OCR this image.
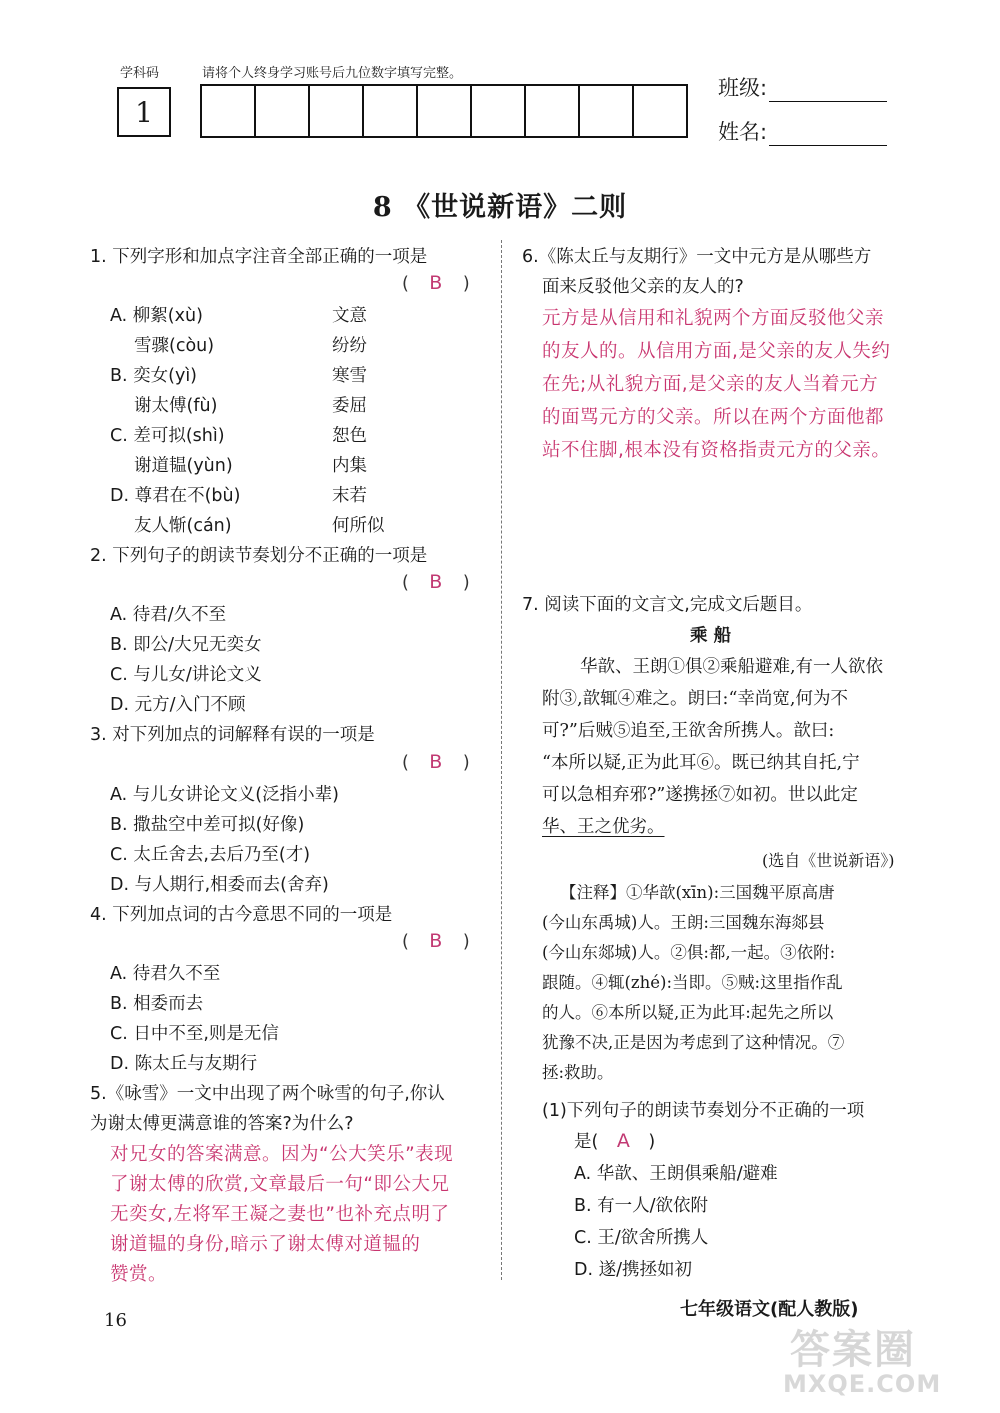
学科码	请将个人终身学习账号后九位数字填写完整。
1
班级:
姓名:
8 《世说新语》二则
1. 下列字形和加点字注音全部正确的一项是
( B )
A. 柳絮(xù)	文意
雪骤(còu)	纷纷
B. 奕女(yì)	寒雪
谢太傅(fù)	委屈
C. 差可拟(shì)	恕色
谢道韫(yùn)	内集
D. 尊君在不(bù)	末若
友人惭(cán)	何所似
2. 下列句子的朗读节奏划分不正确的一项是
( B )
A. 待君/久不至
B. 即公/大兄无奕女
C. 与儿女/讲论文义
D. 元方/入门不顾
3. 对下列加点的词解释有误的一项是
( B )
A. 与儿女讲论文义(泛指小辈)
B. 撒盐空中差可拟(好像)
C. 太丘舍去,去后乃至(才)
D. 与人期行,相委而去(舍弃)
4. 下列加点词的古今意思不同的一项是
( B )
A. 待君久不至
B. 相委而去
C. 日中不至,则是无信
D. 陈太丘与友期行
5.《咏雪》一文中出现了两个咏雪的句子,你认
为谢太傅更满意谁的答案?为什么?
对兄女的答案满意。因为“公大笑乐”表现
了谢太傅的欣赏,文章最后一句“即公大兄
无奕女,左将军王凝之妻也”也补充点明了
谢道韫的身份,暗示了谢太傅对道韫的
赞赏。
6.《陈太丘与友期行》一文中元方是从哪些方
面来反驳他父亲的友人的?
元方是从信用和礼貌两个方面反驳他父亲
的友人的。从信用方面,是父亲的友人失约
在先;从礼貌方面,是父亲的友人当着元方
的面骂元方的父亲。所以在两个方面他都
站不住脚,根本没有资格指责元方的父亲。
7. 阅读下面的文言文,完成文后题目。
乘 船
华歆、王朗①俱②乘船避难,有一人欲依
附③,歆辄④难之。朗曰:“幸尚宽,何为不
可?”后贼⑤追至,王欲舍所携人。歆曰:
“本所以疑,正为此耳⑥。既已纳其自托,宁
可以急相弃邪?”遂携拯⑦如初。世以此定
华、王之优劣。
(选自《世说新语》)
【注释】①华歆(xīn):三国魏平原高唐
(今山东禹城)人。王朗:三国魏东海郯县
(今山东郯城)人。②俱:都,一起。③依附:
跟随。④辄(zhé):当即。⑤贼:这里指作乱
的人。⑥本所以疑,正为此耳:起先之所以
犹豫不决,正是因为考虑到了这种情况。⑦
拯:救助。
(1)下列句子的朗读节奏划分不正确的一项
是( A )
A. 华歆、王朗俱乘船/避难
B. 有一人/欲依附
C. 王/欲舍所携人
D. 遂/携拯如初
16
七年级语文(配人教版)
答案圈
MXQE.COM
